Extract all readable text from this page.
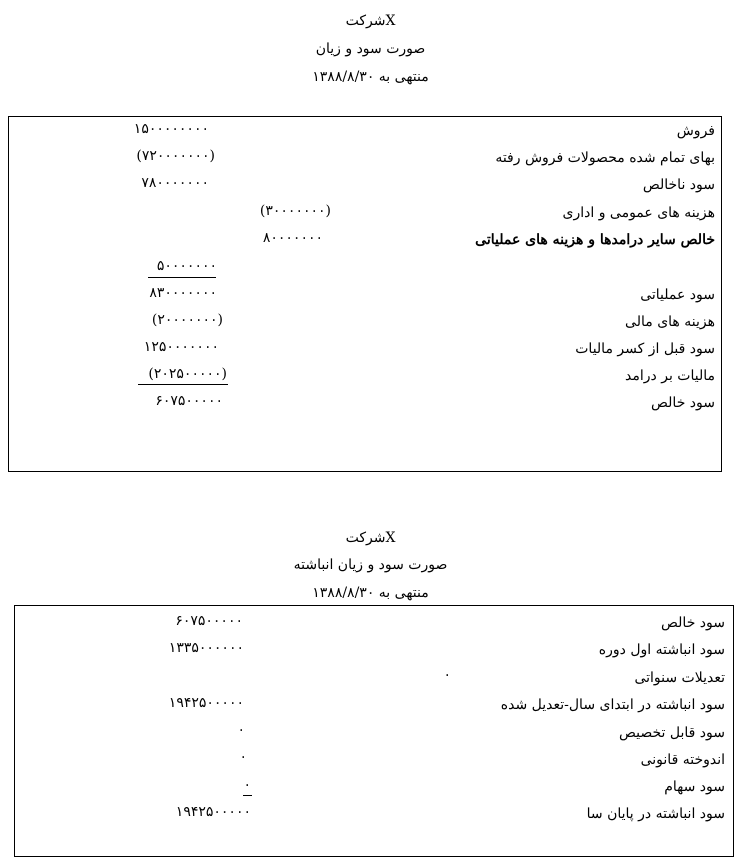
شرکتX
صورت سود و زیان
منتهی به ۱۳۸۸/۸/۳۰
فروش
۱۵۰۰۰۰۰۰۰۰
بهای تمام شده محصولات فروش رفته
(۷۲۰۰۰۰۰۰۰)
سود ناخالص
۷۸۰۰۰۰۰۰۰
هزینه های عمومی و اداری
(۳۰۰۰۰۰۰۰)
خالص سایر درامدها و هزینه های عملیاتی
۸۰۰۰۰۰۰۰
۵۰۰۰۰۰۰۰
سود عملیاتی
۸۳۰۰۰۰۰۰۰
هزینه های مالی
(۲۰۰۰۰۰۰۰)
سود قبل از کسر مالیات
۱۲۵۰۰۰۰۰۰۰
مالیات بر درامد
(۲۰۲۵۰۰۰۰۰)
سود خالص
۶۰۷۵۰۰۰۰۰
شرکتX
صورت سود و زیان انباشته
منتهی به ۱۳۸۸/۸/۳۰
سود خالص
۶۰۷۵۰۰۰۰۰
سود انباشته اول دوره
۱۳۳۵۰۰۰۰۰۰
تعدیلات سنواتی
۰
سود انباشته در ابتدای سال-تعدیل شده
۱۹۴۲۵۰۰۰۰۰
سود قابل تخصیص
۰
اندوخته قانونی
۰
سود سهام
۰
سود انباشته در پایان سا
۱۹۴۲۵۰۰۰۰۰
